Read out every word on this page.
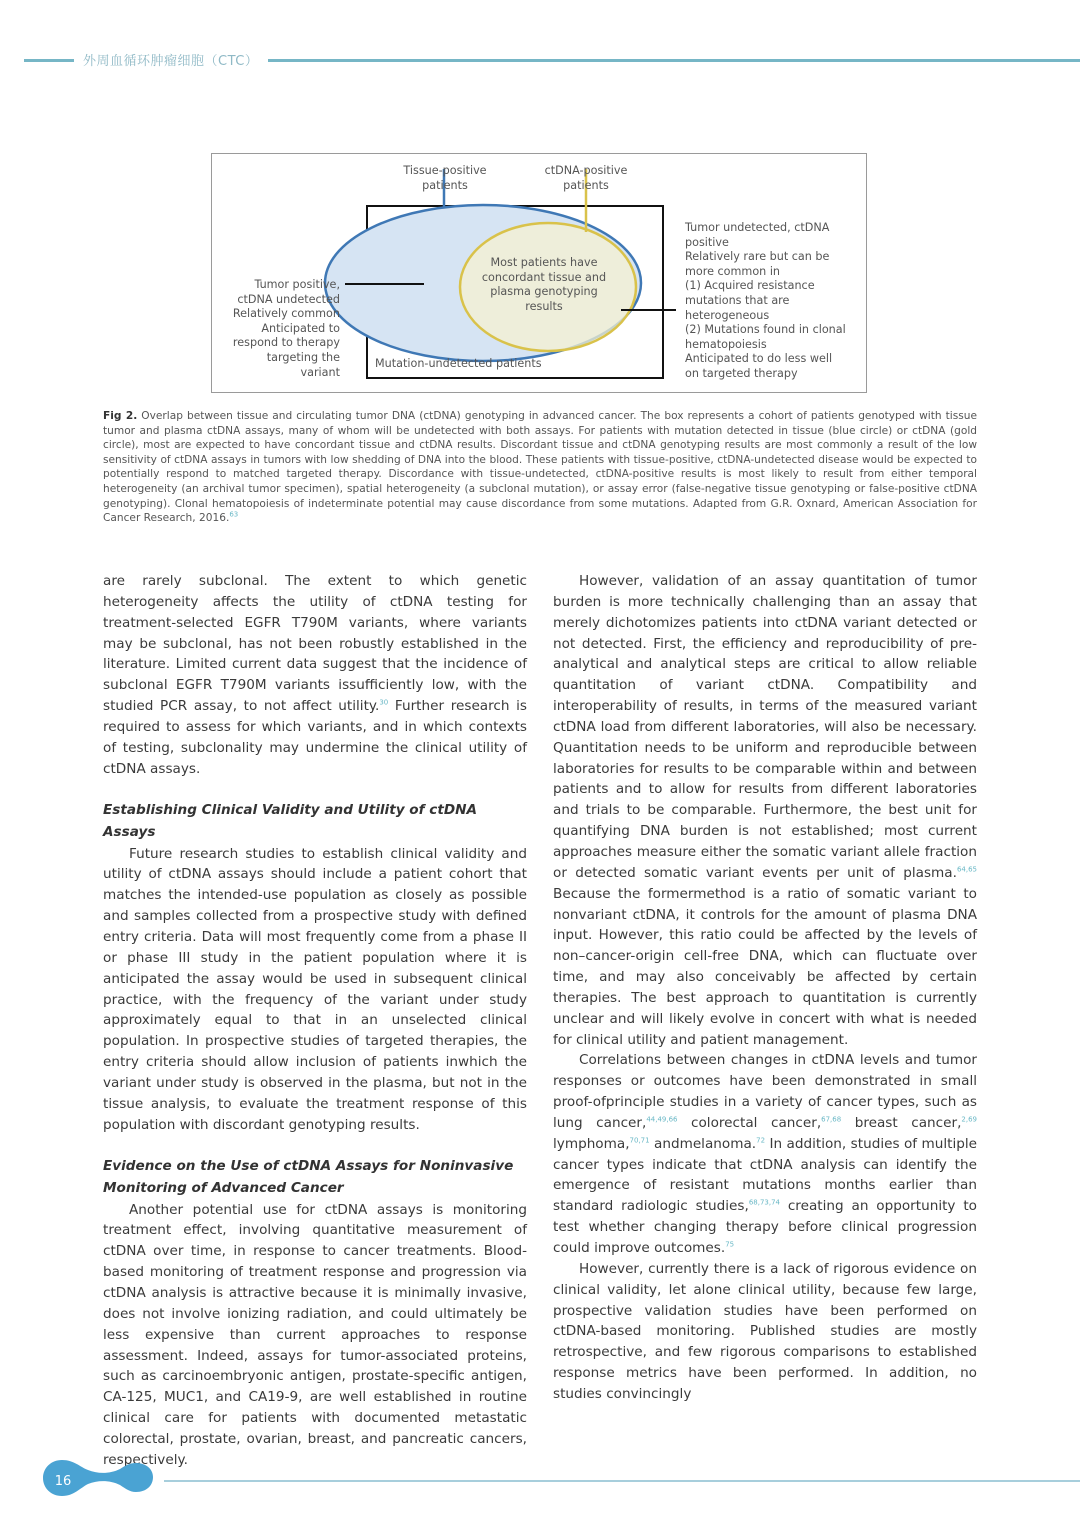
外周血循环肿瘤细胞（CTC）
Tissue-positive
patients
ctDNA-positive
patients
Tumor positive,
ctDNA undetected
Relatively common
Anticipated to
respond to therapy
targeting the
variant
Most patients have
concordant tissue and
plasma genotyping
results
Mutation-undetected patients
Tumor undetected, ctDNA
positive
Relatively rare but can be
more common in
(1) Acquired resistance
mutations that are
heterogeneous
(2) Mutations found in clonal
hematopoiesis
Anticipated to do less well
on targeted therapy
Fig 2. Overlap between tissue and circulating tumor DNA (ctDNA) genotyping in advanced cancer. The box represents a cohort of patients genotyped with tissue tumor and plasma ctDNA assays, many of whom will be undetected with both assays. For patients with mutation detected in tissue (blue circle) or ctDNA (gold circle), most are expected to have concordant tissue and ctDNA results. Discordant tissue and ctDNA genotyping results are most commonly a result of the low sensitivity of ctDNA assays in tumors with low shedding of DNA into the blood. These patients with tissue-positive, ctDNA-undetected disease would be expected to potentially respond to matched targeted therapy. Discordance with tissue-undetected, ctDNA-positive results is most likely to result from either temporal heterogeneity (an archival tumor specimen), spatial heterogeneity (a subclonal mutation), or assay error (false-negative tissue genotyping or false-positive ctDNA genotyping). Clonal hematopoiesis of indeterminate potential may cause discordance from some mutations. Adapted from G.R. Oxnard, American Association for Cancer Research, 2016.63

are rarely subclonal. The extent to which genetic heterogeneity affects the utility of ctDNA testing for treatment-selected EGFR T790M variants, where variants may be subclonal, has not been robustly established in the literature. Limited current data suggest that the incidence of subclonal EGFR T790M variants issufficiently low, with the studied PCR assay, to not affect utility.$^{30}$ Further research is required to assess for which variants, and in which contexts of testing, subclonality may undermine the clinical utility of ctDNA assays.

Establishing Clinical Validity and Utility of ctDNA Assays

Future research studies to establish clinical validity and utility of ctDNA assays should include a patient cohort that matches the intended-use population as closely as possible and samples collected from a prospective study with defined entry criteria. Data will most frequently come from a phase II or phase III study in the patient population where it is anticipated the assay would be used in subsequent clinical practice, with the frequency of the variant under study approximately equal to that in an unselected clinical population. In prospective studies of targeted therapies, the entry criteria should allow inclusion of patients inwhich the variant under study is observed in the plasma, but not in the tissue analysis, to evaluate the treatment response of this population with discordant genotyping results.

Evidence on the Use of ctDNA Assays for Noninvasive
Monitoring of Advanced Cancer

Another potential use for ctDNA assays is monitoring treatment effect, involving quantitative measurement of ctDNA over time, in response to cancer treatments. Blood-based monitoring of treatment response and progression via ctDNA analysis is attractive because it is minimally invasive, does not involve ionizing radiation, and could ultimately be less expensive than current approaches to response assessment. Indeed, assays for tumor-associated proteins, such as carcinoembryonic antigen, prostate-specific antigen, CA-125, MUC1, and CA19-9, are well established in routine clinical care for patients with documented metastatic colorectal, prostate, ovarian, breast, and pancreatic cancers, respectively.

However, validation of an assay quantitation of tumor burden is more technically challenging than an assay that merely dichotomizes patients into ctDNA variant detected or not detected. First, the efficiency and reproducibility of pre-analytical and analytical steps are critical to allow reliable quantitation of variant ctDNA. Compatibility and interoperability of results, in terms of the measured variant ctDNA load from different laboratories, will also be necessary. Quantitation needs to be uniform and reproducible between laboratories for results to be comparable within and between patients and to allow for results from different laboratories and trials to be comparable. Furthermore, the best unit for quantifying DNA burden is not established; most current approaches measure either the somatic variant allele fraction or detected somatic variant events per unit of plasma.$^{64,65}$ Because the formermethod is a ratio of somatic variant to nonvariant ctDNA, it controls for the amount of plasma DNA input. However, this ratio could be affected by the levels of non–cancer-origin cell-free DNA, which can fluctuate over time, and may also conceivably be affected by certain therapies. The best approach to quantitation is currently unclear and will likely evolve in concert with what is needed for clinical utility and patient management.

Correlations between changes in ctDNA levels and tumor responses or outcomes have been demonstrated in small proof-ofprinciple studies in a variety of cancer types, such as lung cancer,$^{44,49,66}$ colorectal cancer,$^{67,68}$ breast cancer,$^{2,69}$ lymphoma,$^{70,71}$ andmelanoma.$^{72}$ In addition, studies of multiple cancer types indicate that ctDNA analysis can identify the emergence of resistant mutations months earlier than standard radiologic studies,$^{68,73,74}$ creating an opportunity to test whether changing therapy before clinical progression could improve outcomes.$^{75}$

However, currently there is a lack of rigorous evidence on clinical validity, let alone clinical utility, because few large, prospective validation studies have been performed on ctDNA-based monitoring. Published studies are mostly retrospective, and few rigorous comparisons to established response metrics have been performed. In addition, no studies convincingly

16
